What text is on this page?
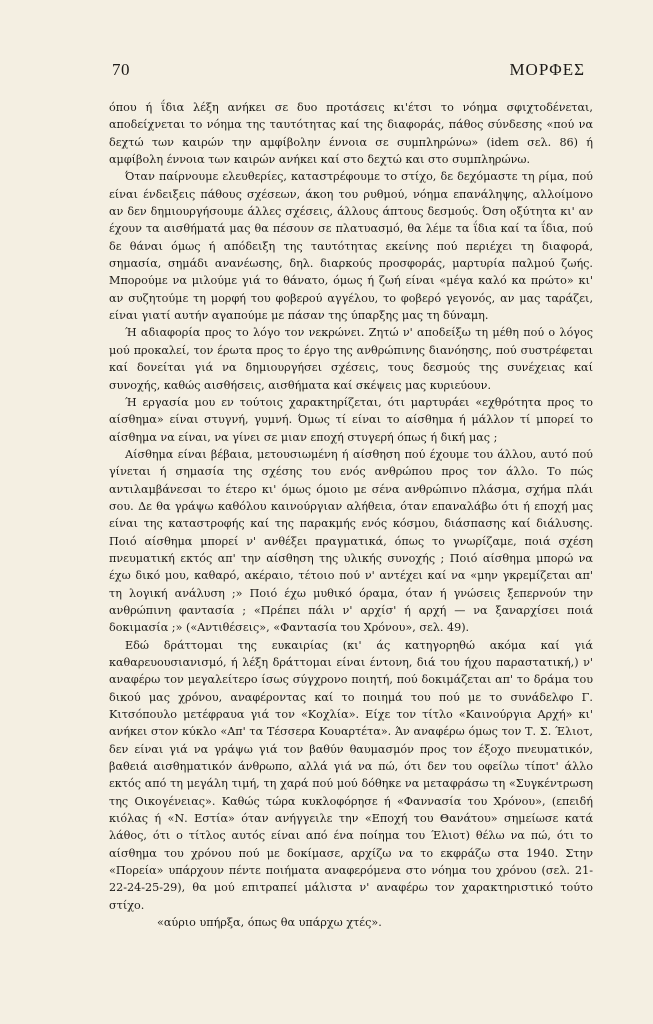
70	ΜΟΡΦΕΣ

όπου ή ΐδια λέξη ανήκει σε δυο προτάσεις κι'έτσι το νόημα σφιχτοδένεται, αποδείχνεται το νόημα της ταυτότητας καί της διαφοράς, πάθος σύνδεσης «πού να δεχτώ των καιρών την αμφίβολην έννοια σε συμπληρώνω» (idem σελ. 86) ή αμφίβολη έννοια των καιρών ανήκει καί στο δεχτώ και στο συμπληρώνω.

Όταν παίρνουμε ελευθερίες, καταστρέφουμε το στίχο, δε δεχόμαστε τη ρίμα, πού είναι ένδειξεις πάθους σχέσεων, άκοη του ρυθμού, νόημα επανάληψης, αλλοίμονο αν δεν δημιουργήσουμε άλλες σχέσεις, άλλους άπτους δεσμούς. Όση οξύτητα κι' αν έχουν τα αισθήματά μας θα πέσουν σε πλατυασμό, θα λέμε τα ΐδια καί τα ΐδια, πού δε θάναι όμως ή απόδειξη της ταυτότητας εκείνης πού περιέχει τη διαφορά, σημασία, σημάδι ανανέωσης, δηλ. διαρκούς προσφοράς, μαρτυρία παλμού ζωής. Μπορούμε να μιλούμε γιά το θάνατο, όμως ή ζωή είναι «μέγα καλό κα πρώτο» κι' αν συζητούμε τη μορφή του φοβερού αγγέλου, το φοβερό γεγονός, αν μας ταράζει, είναι γιατί αυτήν αγαπούμε με πάσαν της ύπαρξης μας τη δύναμη.

Ή αδιαφορία προς το λόγο τον νεκρώνει. Ζητώ ν' αποδείξω τη μέθη πού ο λόγος μού προκαλεί, τον έρωτα προς το έργο της ανθρώπινης διανόησης, πού συστρέφεται καί δονείται γιά να δημιουργήσει σχέσεις, τους δεσμούς της συνέχειας καί συνοχής, καθώς αισθήσεις, αισθήματα καί σκέψεις μας κυριεύουν.

Ή εργασία μου εν τούτοις χαρακτηρίζεται, ότι μαρτυράει «εχθρότητα προς το αίσθημα» είναι στυγνή, γυμνή. Όμως τί είναι το αίσθημα ή μάλλον τί μπορεί το αίσθημα να είναι, να γίνει σε μιαν εποχή στυγερή όπως ή δική μας ;

Αίσθημα είναι βέβαια, μετουσιωμένη ή αίσθηση πού έχουμε του άλλου, αυτό πού γίνεται ή σημασία της σχέσης του ενός ανθρώπου προς τον άλλο. Το πώς αντιλαμβάνεσαι το έτερο κι' όμως όμοιο με σένα ανθρώπινο πλάσμα, σχήμα πλάι σου. Δε θα γράψω καθόλου καινούργιαν αλήθεια, όταν επαναλάβω ότι ή εποχή μας είναι της καταστροφής καί της παρακμής ενός κόσμου, διάσπασης καί διάλυσης. Ποιό αίσθημα μπορεί ν' ανθέξει πραγματικά, όπως το γνωρίζαμε, ποιά σχέση πνευματική εκτός απ' την αίσθηση της υλικής συνοχής ; Ποιό αίσθημα μπορώ να έχω δικό μου, καθαρό, ακέραιο, τέτοιο πού ν' αντέχει καί να «μην γκρεμίζεται απ' τη λογική ανάλυση ;» Ποιό έχω μυθικό όραμα, όταν ή γνώσεις ξεπερνούν την ανθρώπινη φαντασία ; «Πρέπει πάλι ν' αρχίσ' ή αρχή — να ξαναρχίσει ποιά δοκιμασία ;» («Αντιθέσεις», «Φαντασία του Χρόνου», σελ. 49).

Εδώ δράττομαι της ευκαιρίας (κι' άς κατηγορηθώ ακόμα καί γιά καθαρευουσιανισμό, ή λέξη δράττομαι είναι έντονη, διά του ήχου παραστατική,) ν' αναφέρω τον μεγαλείτερο ίσως σύγχρονο ποιητή, πού δοκιμάζεται απ' το δράμα του δικού μας χρόνου, αναφέροντας καί το ποιημά του πού με το συνάδελφο Γ. Κιτσόπουλο μετέφραυα γιά τον «Κοχλία». Είχε τον τίτλο «Καινούργια Αρχή» κι' ανήκει στον κύκλο «Απ' τα Τέσσερα Κουαρτέτα». Άν αναφέρω όμως τον Τ. Σ. Έλιοτ, δεν είναι γιά να γράψω γιά τον βαθύν θαυμασμόν προς τον έξοχο πνευματικόν, βαθειά αισθηματικόν άνθρωπο, αλλά γιά να πώ, ότι δεν του οφείλω τίποτ' άλλο εκτός από τη μεγάλη τιμή, τη χαρά πού μού δόθηκε να μεταφράσω τη «Συγκέντρωση της Οικογένειας». Καθώς τώρα κυκλοφόρησε ή «Φαννασία του Χρόνου», (επειδή κιόλας ή «Ν. Εστία» όταν ανήγγειλε την «Εποχή του Θανάτου» σημείωσε κατά λάθος, ότι ο τίτλος αυτός είναι από ένα ποίημα του Έλιοτ) θέλω να πώ, ότι το αίσθημα του χρόνου πού με δοκίμασε, αρχίζω να το εκφράζω στα 1940. Στην «Πορεία» υπάρχουν πέντε ποιήματα αναφερόμενα στο νόημα του χρόνου (σελ. 21-22-24-25-29), θα μού επιτραπεί μάλιστα ν' αναφέρω τον χαρακτηριστικό τούτο στίχο.

«αύριο υπήρξα, όπως θα υπάρχω χτές».
